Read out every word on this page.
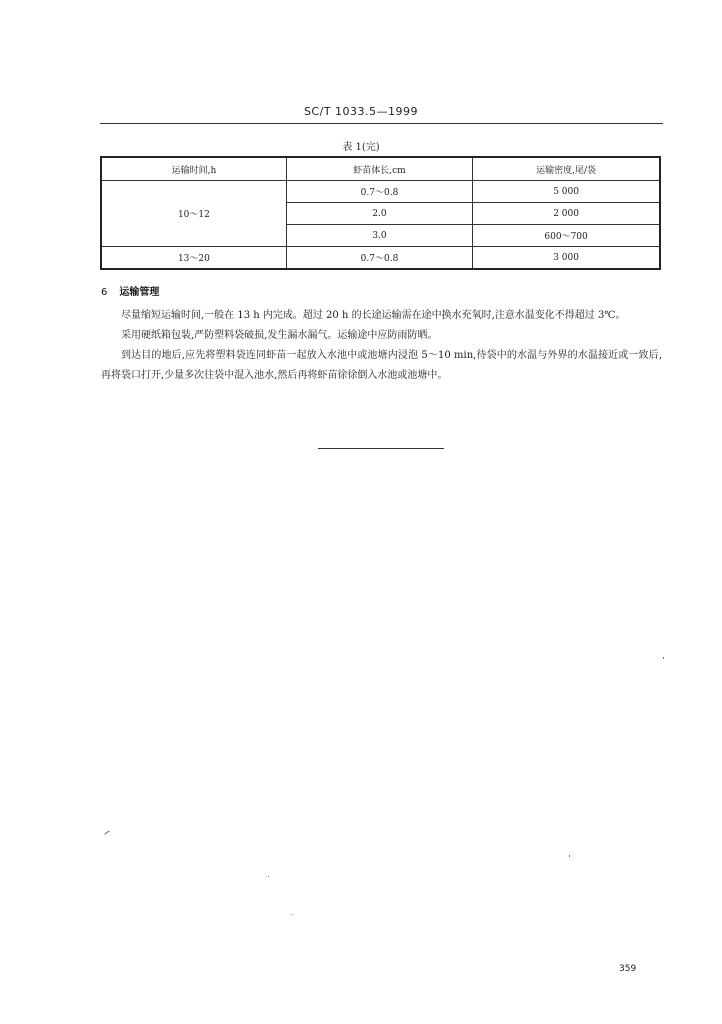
SC/T 1033.5—1999
表 1(完)
运输时间,h	虾苗体长,cm	运输密度,尾/袋
10～12	0.7～0.8	5 000
	2.0	2 000
	3.0	600～700
13～20	0.7～0.8	3 000
6 运输管理

尽量缩短运输时间,一般在 13 h 内完成。超过 20 h 的长途运输需在途中换水充氧时,注意水温变化不得超过 3℃。

采用硬纸箱包装,严防塑料袋破损,发生漏水漏气。运输途中应防雨防晒。

到达目的地后,应先将塑料袋连同虾苗一起放入水池中或池塘内浸泡 5～10 min,待袋中的水温与外界的水温接近或一致后,再将袋口打开,少量多次往袋中混入池水,然后再将虾苗徐徐倒入水池或池塘中。

359
